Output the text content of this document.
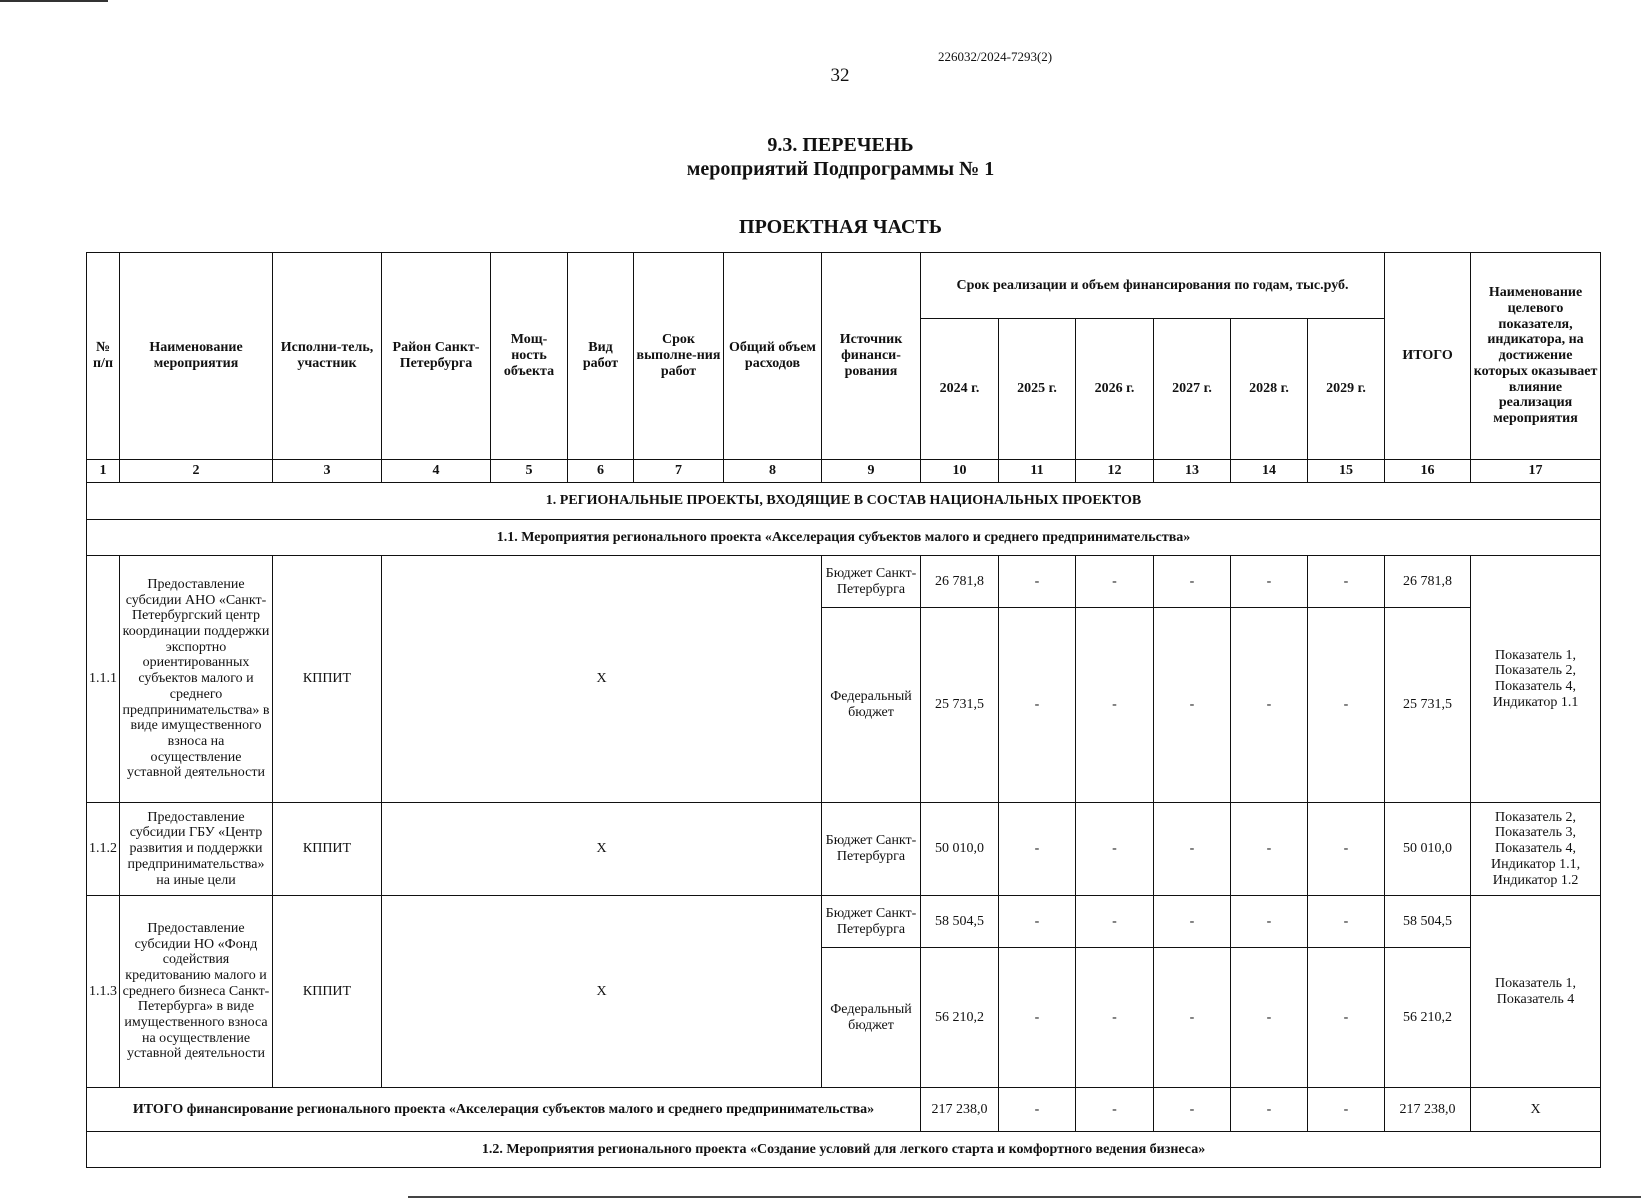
226032/2024-7293(2)
32
9.3. ПЕРЕЧЕНЬ
мероприятий Подпрограммы № 1
ПРОЕКТНАЯ ЧАСТЬ
№ п/п	Наименование мероприятия	Исполни-тель, участник	Район Санкт-Петербурга	Мощ-ность объекта	Вид работ	Срок выполне-ния работ	Общий объем расходов	Источник финанси-рования	Срок реализации и объем финансирования по годам, тыс.руб.						ИТОГО	Наименование целевого показателя, индикатора, на достижение которых оказывает влияние реализация мероприятия
									2024 г.	2025 г.	2026 г.	2027 г.	2028 г.	2029 г.		
1	2	3	4	5	6	7	8	9	10	11	12	13	14	15	16	17
1. РЕГИОНАЛЬНЫЕ ПРОЕКТЫ, ВХОДЯЩИЕ В СОСТАВ НАЦИОНАЛЬНЫХ ПРОЕКТОВ																
1.1. Мероприятия регионального проекта «Акселерация субъектов малого и среднего предпринимательства»																
1.1.1	Предоставление субсидии АНО «Санкт-Петербургский центр координации поддержки экспортно ориентированных субъектов малого и среднего предпринимательства» в виде имущественного взноса на осуществление уставной деятельности	КППИТ	Х					Бюджет Санкт-Петербурга	26 781,8	-	-	-	-	-	26 781,8	Показатель 1, Показатель 2, Показатель 4, Индикатор 1.1
								Федеральный бюджет	25 731,5	-	-	-	-	-	25 731,5	
1.1.2	Предоставление субсидии ГБУ «Центр развития и поддержки предпринимательства» на иные цели	КППИТ	Х					Бюджет Санкт-Петербурга	50 010,0	-	-	-	-	-	50 010,0	Показатель 2, Показатель 3, Показатель 4, Индикатор 1.1, Индикатор 1.2
1.1.3	Предоставление субсидии НО «Фонд содействия кредитованию малого и среднего бизнеса Санкт-Петербурга» в виде имущественного взноса на осуществление уставной деятельности	КППИТ	Х					Бюджет Санкт-Петербурга	58 504,5	-	-	-	-	-	58 504,5	Показатель 1, Показатель 4
								Федеральный бюджет	56 210,2	-	-	-	-	-	56 210,2	
ИТОГО финансирование регионального проекта «Акселерация субъектов малого и среднего предпринимательства»									217 238,0	-	-	-	-	-	217 238,0	Х
1.2. Мероприятия регионального проекта «Создание условий для легкого старта и комфортного ведения бизнеса»																
